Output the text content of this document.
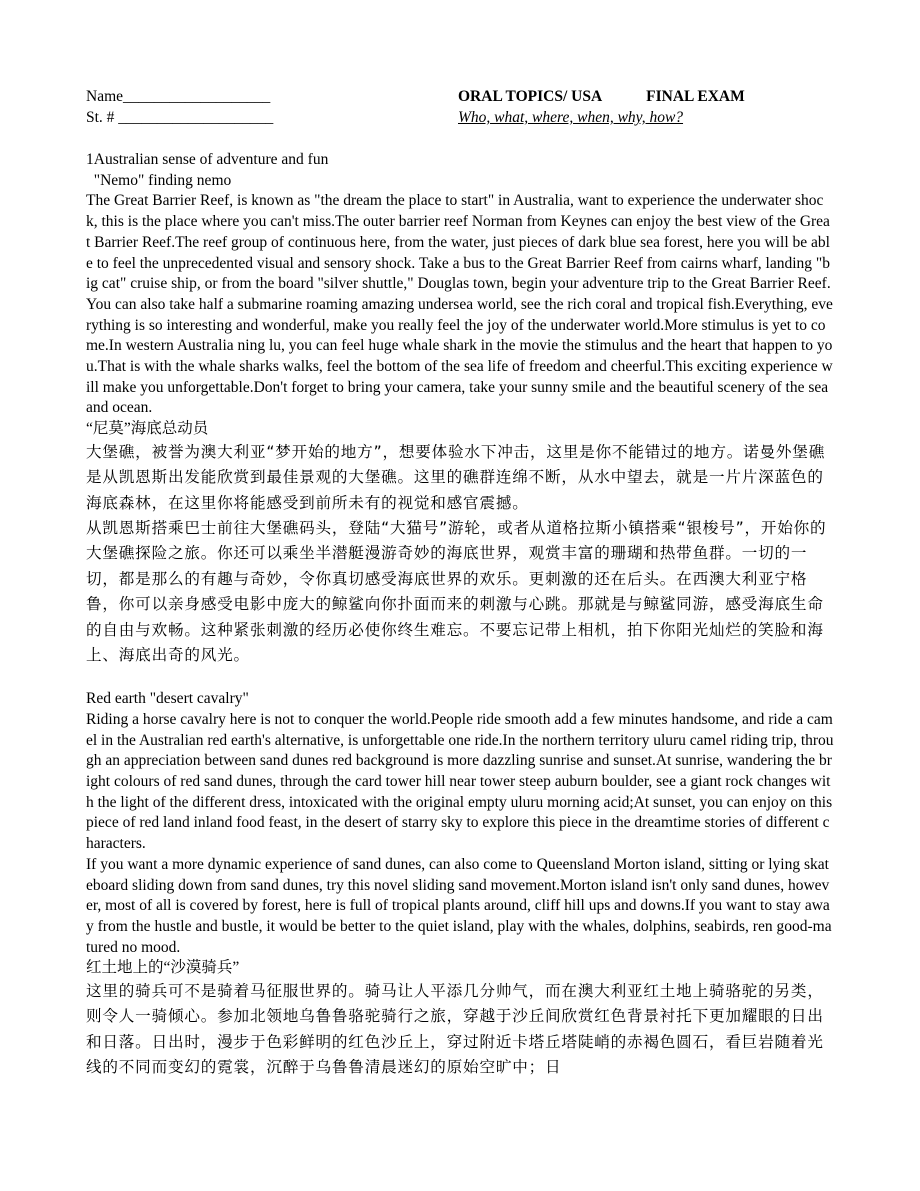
Name___________________
St. # ____________________
ORAL TOPICS/ USA	FINAL EXAM
Who, what, where, when, why, how?

1Australian sense of adventure and fun

"Nemo" finding nemo

The Great Barrier Reef, is known as "the dream the place to start" in Australia, want to experience the underwater shock, this is the place where you can't miss.The outer barrier reef Norman from Keynes can enjoy the best view of the Great Barrier Reef.The reef group of continuous here, from the water, just pieces of dark blue sea forest, here you will be able to feel the unprecedented visual and sensory shock. Take a bus to the Great Barrier Reef from cairns wharf, landing "big cat" cruise ship, or from the board "silver shuttle," Douglas town, begin your adventure trip to the Great Barrier Reef.You can also take half a submarine roaming amazing undersea world, see the rich coral and tropical fish.Everything, everything is so interesting and wonderful, make you really feel the joy of the underwater world.More stimulus is yet to come.In western Australia ning lu, you can feel huge whale shark in the movie the stimulus and the heart that happen to you.That is with the whale sharks walks, feel the bottom of the sea life of freedom and cheerful.This exciting experience will make you unforgettable.Don't forget to bring your camera, take your sunny smile and the beautiful scenery of the sea and ocean.

“尼莫”海底总动员

大堡礁，被誉为澳大利亚“梦开始的地方”，想要体验水下冲击，这里是你不能错过的地方。诺曼外堡礁是从凯恩斯出发能欣赏到最佳景观的大堡礁。这里的礁群连绵不断，从水中望去，就是一片片深蓝色的海底森林，在这里你将能感受到前所未有的视觉和感官震撼。

从凯恩斯搭乘巴士前往大堡礁码头，登陆“大猫号”游轮，或者从道格拉斯小镇搭乘“银梭号”，开始你的大堡礁探险之旅。你还可以乘坐半潜艇漫游奇妙的海底世界，观赏丰富的珊瑚和热带鱼群。一切的一切，都是那么的有趣与奇妙，令你真切感受海底世界的欢乐。更刺激的还在后头。在西澳大利亚宁格鲁，你可以亲身感受电影中庞大的鲸鲨向你扑面而来的刺激与心跳。那就是与鲸鲨同游，感受海底生命的自由与欢畅。这种紧张刺激的经历必使你终生难忘。不要忘记带上相机，拍下你阳光灿烂的笑脸和海上、海底出奇的风光。

Red earth "desert cavalry"

Riding a horse cavalry here is not to conquer the world.People ride smooth add a few minutes handsome, and ride a camel in the Australian red earth's alternative, is unforgettable one ride.In the northern territory uluru camel riding trip, through an appreciation between sand dunes red background is more dazzling sunrise and sunset.At sunrise, wandering the bright colours of red sand dunes, through the card tower hill near tower steep auburn boulder, see a giant rock changes with the light of the different dress, intoxicated with the original empty uluru morning acid;At sunset, you can enjoy on this piece of red land inland food feast, in the desert of starry sky to explore this piece in the dreamtime stories of different characters.

If you want a more dynamic experience of sand dunes, can also come to Queensland Morton island, sitting or lying skateboard sliding down from sand dunes, try this novel sliding sand movement.Morton island isn't only sand dunes, however, most of all is covered by forest, here is full of tropical plants around, cliff hill ups and downs.If you want to stay away from the hustle and bustle, it would be better to the quiet island, play with the whales, dolphins, seabirds, ren good-matured no mood.

红土地上的“沙漠骑兵”

这里的骑兵可不是骑着马征服世界的。骑马让人平添几分帅气，而在澳大利亚红土地上骑骆驼的另类，则令人一骑倾心。参加北领地乌鲁鲁骆驼骑行之旅，穿越于沙丘间欣赏红色背景衬托下更加耀眼的日出和日落。日出时，漫步于色彩鲜明的红色沙丘上，穿过附近卡塔丘塔陡峭的赤褐色圆石，看巨岩随着光线的不同而变幻的霓裳，沉醉于乌鲁鲁清晨迷幻的原始空旷中；日
